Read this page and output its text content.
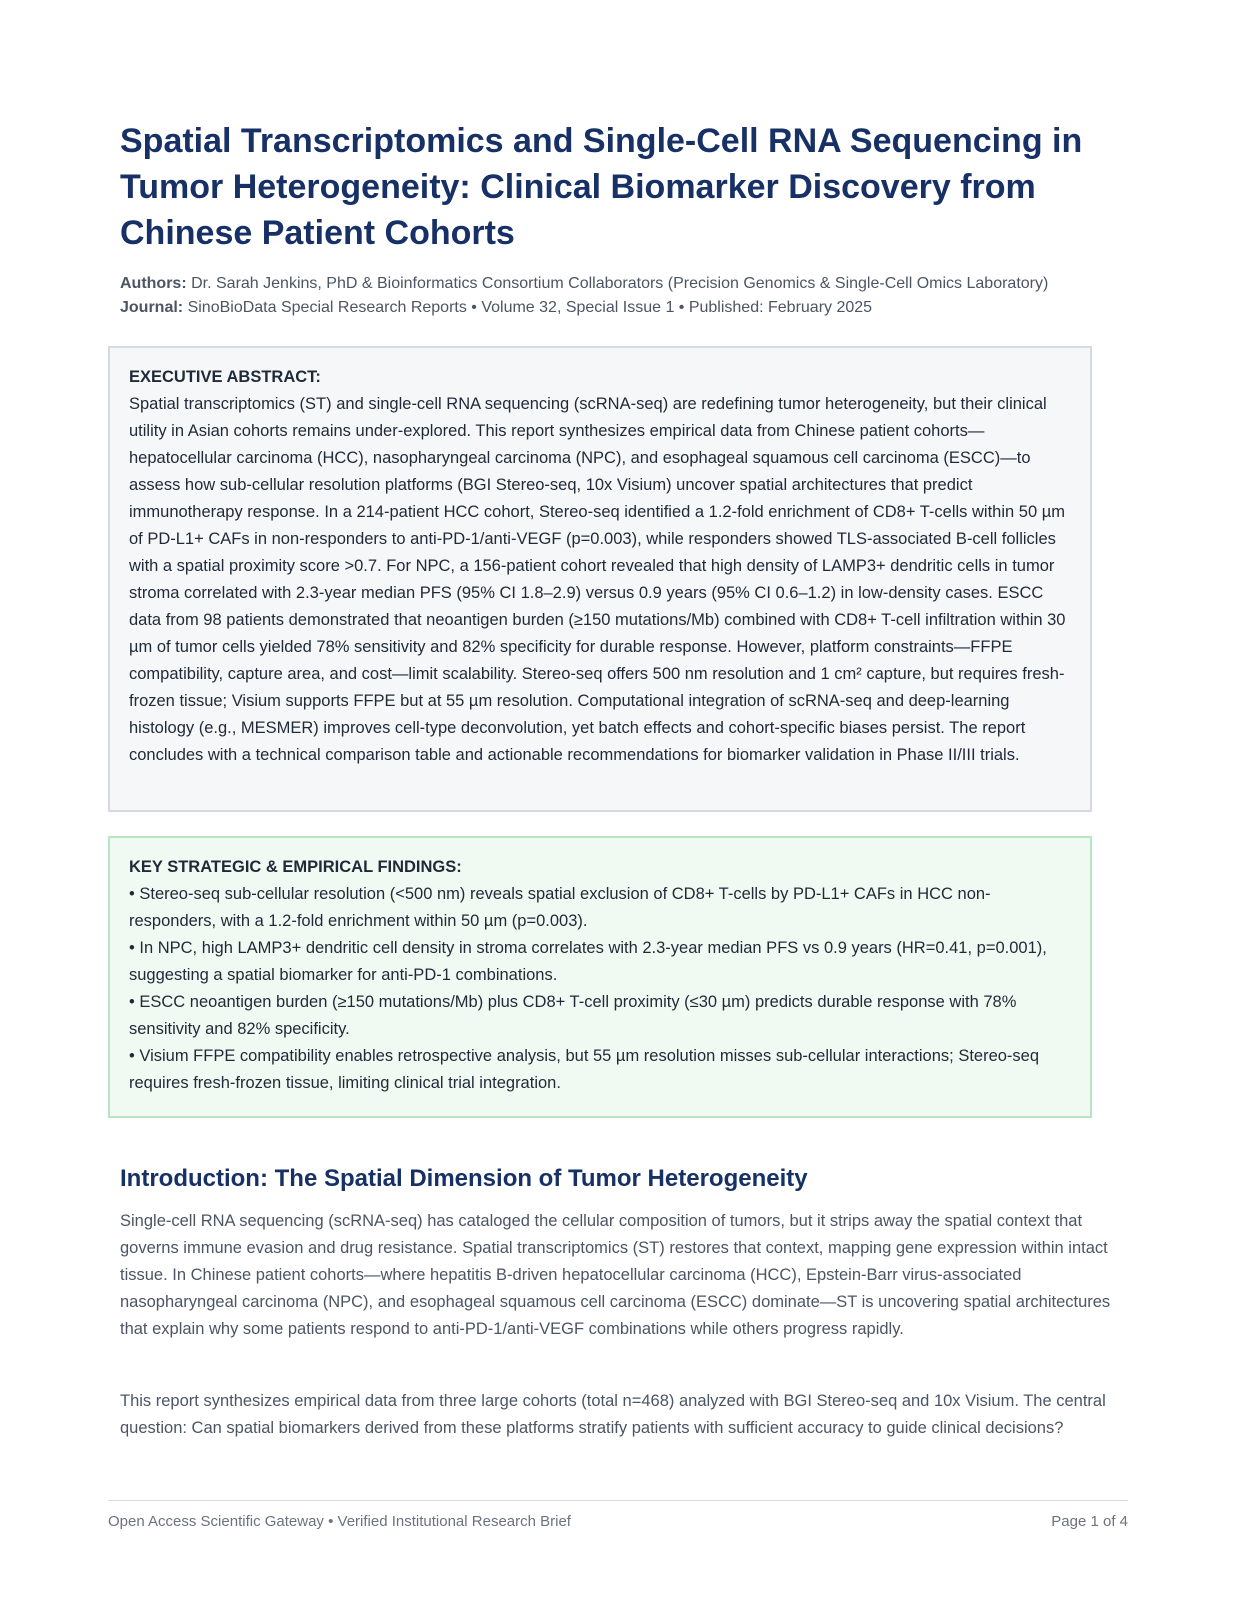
Spatial Transcriptomics and Single-Cell RNA Sequencing in Tumor Heterogeneity: Clinical Biomarker Discovery from Chinese Patient Cohorts
Authors: Dr. Sarah Jenkins, PhD & Bioinformatics Consortium Collaborators (Precision Genomics & Single-Cell Omics Laboratory)
Journal: SinoBioData Special Research Reports • Volume 32, Special Issue 1 • Published: February 2025
EXECUTIVE ABSTRACT:
Spatial transcriptomics (ST) and single-cell RNA sequencing (scRNA-seq) are redefining tumor heterogeneity, but their clinical utility in Asian cohorts remains under-explored. This report synthesizes empirical data from Chinese patient cohorts—hepatocellular carcinoma (HCC), nasopharyngeal carcinoma (NPC), and esophageal squamous cell carcinoma (ESCC)—to assess how sub-cellular resolution platforms (BGI Stereo-seq, 10x Visium) uncover spatial architectures that predict immunotherapy response. In a 214-patient HCC cohort, Stereo-seq identified a 1.2-fold enrichment of CD8+ T-cells within 50 µm of PD-L1+ CAFs in non-responders to anti-PD-1/anti-VEGF (p=0.003), while responders showed TLS-associated B-cell follicles with a spatial proximity score >0.7. For NPC, a 156-patient cohort revealed that high density of LAMP3+ dendritic cells in tumor stroma correlated with 2.3-year median PFS (95% CI 1.8–2.9) versus 0.9 years (95% CI 0.6–1.2) in low-density cases. ESCC data from 98 patients demonstrated that neoantigen burden (≥150 mutations/Mb) combined with CD8+ T-cell infiltration within 30 µm of tumor cells yielded 78% sensitivity and 82% specificity for durable response. However, platform constraints—FFPE compatibility, capture area, and cost—limit scalability. Stereo-seq offers 500 nm resolution and 1 cm² capture, but requires fresh-frozen tissue; Visium supports FFPE but at 55 µm resolution. Computational integration of scRNA-seq and deep-learning histology (e.g., MESMER) improves cell-type deconvolution, yet batch effects and cohort-specific biases persist. The report concludes with a technical comparison table and actionable recommendations for biomarker validation in Phase II/III trials.
KEY STRATEGIC & EMPIRICAL FINDINGS:
• Stereo-seq sub-cellular resolution (<500 nm) reveals spatial exclusion of CD8+ T-cells by PD-L1+ CAFs in HCC non-responders, with a 1.2-fold enrichment within 50 µm (p=0.003).
• In NPC, high LAMP3+ dendritic cell density in stroma correlates with 2.3-year median PFS vs 0.9 years (HR=0.41, p=0.001), suggesting a spatial biomarker for anti-PD-1 combinations.
• ESCC neoantigen burden (≥150 mutations/Mb) plus CD8+ T-cell proximity (≤30 µm) predicts durable response with 78% sensitivity and 82% specificity.
• Visium FFPE compatibility enables retrospective analysis, but 55 µm resolution misses sub-cellular interactions; Stereo-seq requires fresh-frozen tissue, limiting clinical trial integration.
Introduction: The Spatial Dimension of Tumor Heterogeneity

Single-cell RNA sequencing (scRNA-seq) has cataloged the cellular composition of tumors, but it strips away the spatial context that governs immune evasion and drug resistance. Spatial transcriptomics (ST) restores that context, mapping gene expression within intact tissue. In Chinese patient cohorts—where hepatitis B-driven hepatocellular carcinoma (HCC), Epstein-Barr virus-associated nasopharyngeal carcinoma (NPC), and esophageal squamous cell carcinoma (ESCC) dominate—ST is uncovering spatial architectures that explain why some patients respond to anti-PD-1/anti-VEGF combinations while others progress rapidly.

This report synthesizes empirical data from three large cohorts (total n=468) analyzed with BGI Stereo-seq and 10x Visium. The central question: Can spatial biomarkers derived from these platforms stratify patients with sufficient accuracy to guide clinical decisions?

Open Access Scientific Gateway • Verified Institutional Research Brief	Page 1 of 4
